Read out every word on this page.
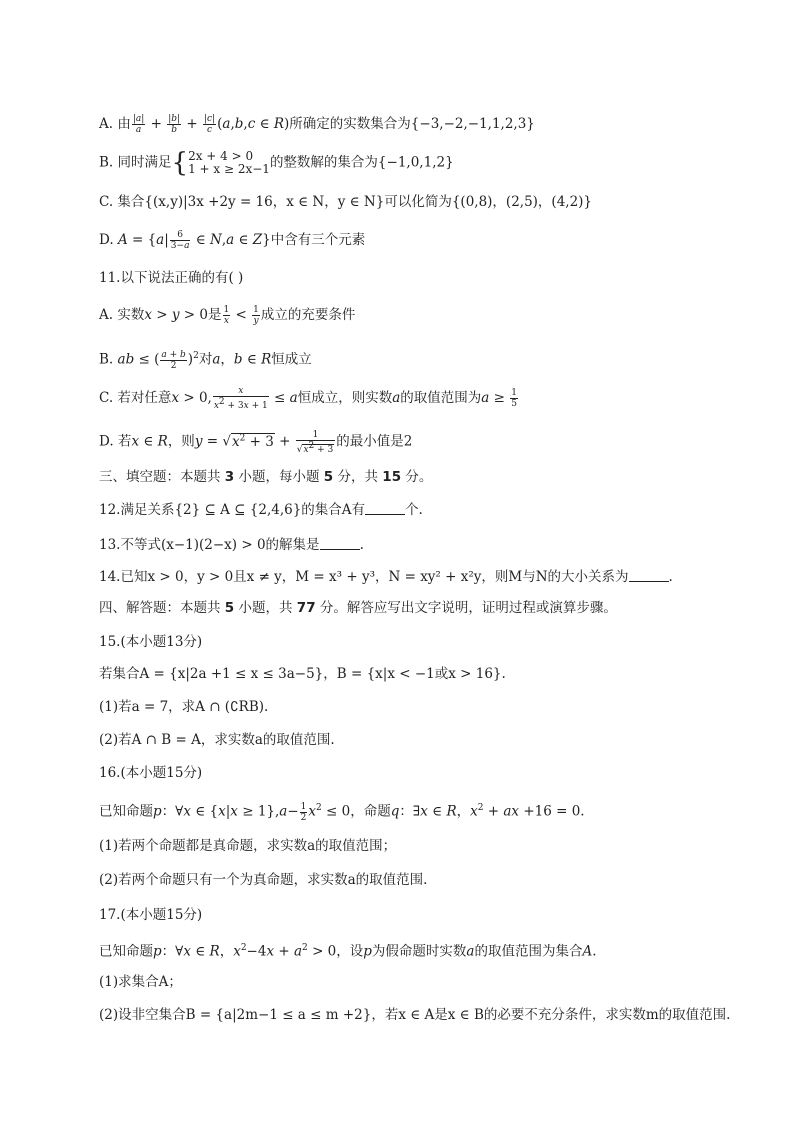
A. 由 $\frac{|a|}{a} + \frac{|b|}{b} + \frac{|c|}{c} (a,b,c$ ∈ R)所确定的实数集合为{−3,−2,−1,1,2,3}
B. 同时满足{ 2x + 4 > 0
1 + x ≥ 2x−1 的整数解的集合为{−1,0,1,2}
C. 集合{(x,y)|3x +2y = 16，x ∈ N，y ∈ N}可以化简为{(0,8)，(2,5)，(4,2)}
D. $A = \{a| \frac{6}{3-a}$ ∈ N,a ∈ Z}中含有三个元素
11.以下说法正确的有( )
A. 实数x > y > 0是 $\frac{1}{x} < \frac{1}{y}$ 成立的充要条件
B. ab ≤ ( $\frac{a + b}{2} )^2$对a，b ∈ R恒成立
C. 若对任意x > 0, $\frac{x}{x^2 + 3x + 1} \le a$恒成立，则实数a的取值范围为$a \ge \frac{1}{5}$
D. 若x ∈ R，则$y = √x^2 + 3 + \frac{1}{√x^2 + 3}$ 的最小值是2
三、填空题：本题共 3 小题，每小题 5 分，共 15 分。
12.满足关系{2} ⊆ A ⊆ {2,4,6}的集合A有	个.
13.不等式(x−1)(2−x) > 0的解集是	.
14.已知x > 0，y > 0且x ≠ y，M = x³ + y³，N = xy² + x²y，则M与N的大小关系为	.
四、解答题：本题共 5 小题，共 77 分。解答应写出文字说明，证明过程或演算步骤。
15.(本小题13分)
若集合A = {x|2a +1 ≤ x ≤ 3a−5}，B = {x|x < −1或x > 16}.
(1)若a = 7，求A ∩ (∁RB).
(2)若A ∩ B = A，求实数a的取值范围.
16.(本小题15分)
已知命题p：∀x ∈ $\{x|x \ge 1\},a- \frac{1}{2} x^2 \le 0$，命题q：∃x ∈ R，$x^2$ + ax +16 = 0.
(1)若两个命题都是真命题，求实数a的取值范围；
(2)若两个命题只有一个为真命题，求实数a的取值范围.
17.(本小题15分)
已知命题p：∀x ∈ R，$x^2-4x + a^2 > 0$，设p为假命题时实数a的取值范围为集合A.
(1)求集合A；
(2)设非空集合B = {a|2m−1 ≤ a ≤ m +2}，若x ∈ A是x ∈ B的必要不充分条件，求实数m的取值范围.
